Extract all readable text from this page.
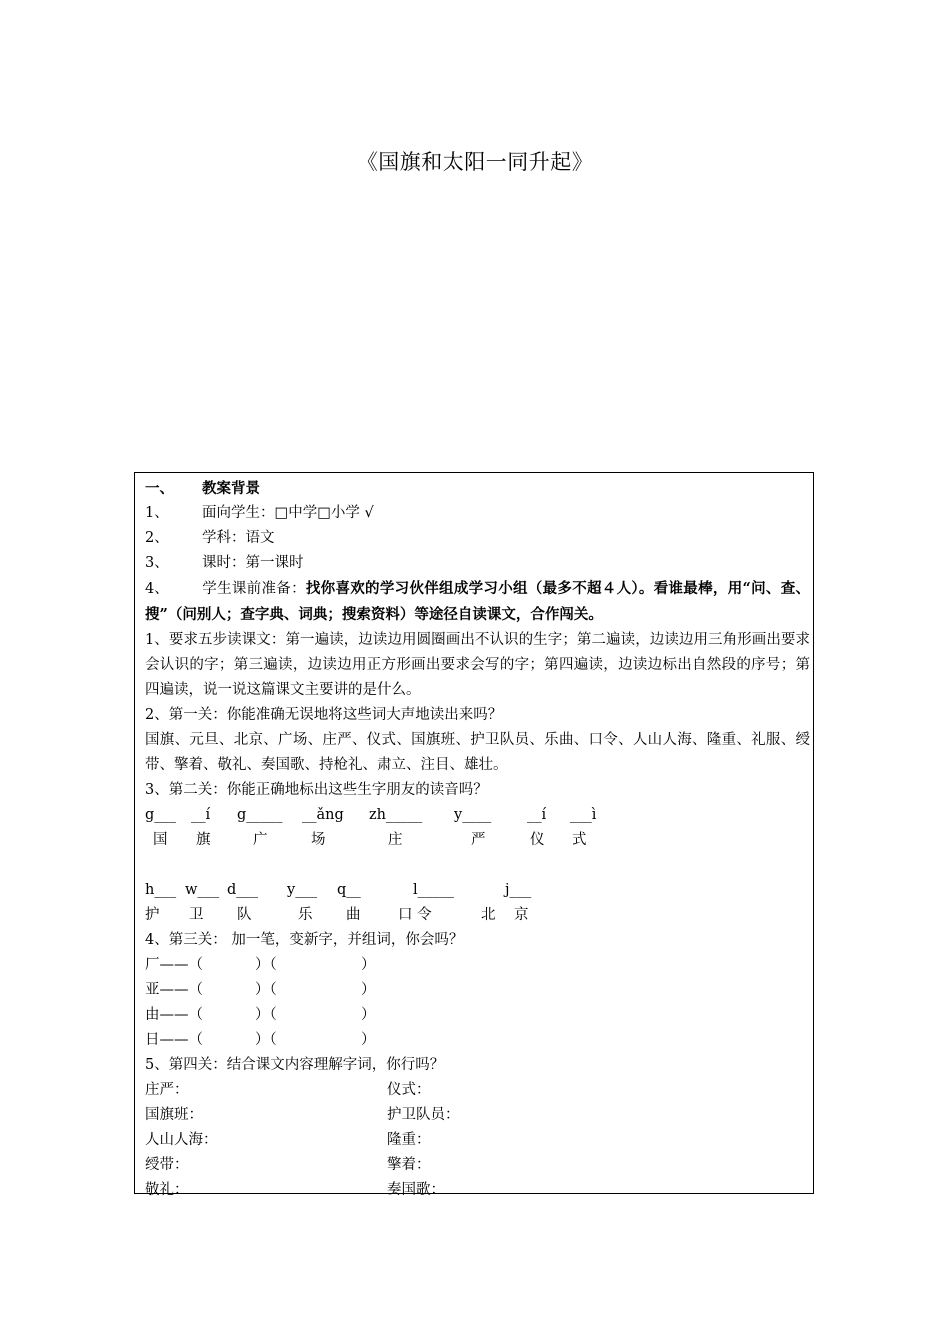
《国旗和太阳一同升起》
一、 教案背景
1、 面向学生：□中学□小学 √
2、 学科：语文
3、 课时：第一课时
4、 学生课前准备：找你喜欢的学习伙伴组成学习小组（最多不超４人）。看谁最棒，用“问、查、搜”（问别人；查字典、词典；搜索资料）等途径自读课文，合作闯关。
1、要求五步读课文：第一遍读，边读边用圆圈画出不认识的生字；第二遍读，边读边用三角形画出要求会认识的字；第三遍读，边读边用正方形画出要求会写的字；第四遍读，边读边标出自然段的序号；第四遍读，说一说这篇课文主要讲的是什么。
2、第一关：你能准确无误地将这些词大声地读出来吗？
国旗、元旦、北京、广场、庄严、仪式、国旗班、护卫队员、乐曲、口令、人山人海、隆重、礼服、绶带、擎着、敬礼、奏国歌、持枪礼、肃立、注目、雄壮。
3、第二关：你能正确地标出这些生字朋友的读音吗？
g___ __í g_____ __ǎng zh_____ y____ __í ___ì
国 旗	广	场	庄	严	仪 式
h___ w___ d___ y___ q__	l_____	j___
护 卫 队	乐 曲	口 令	北 京
4、第三关： 加一笔，变新字，并组词，你会吗？
厂——（	）（	）
亚——（	）（	）
由——（	）（	）
日——（	）（	）
5、第四关：结合课文内容理解字词，你行吗？
庄严：	仪式：
国旗班：	护卫队员：
人山人海：	隆重：
绶带：	擎着：
敬礼：	奏国歌：
